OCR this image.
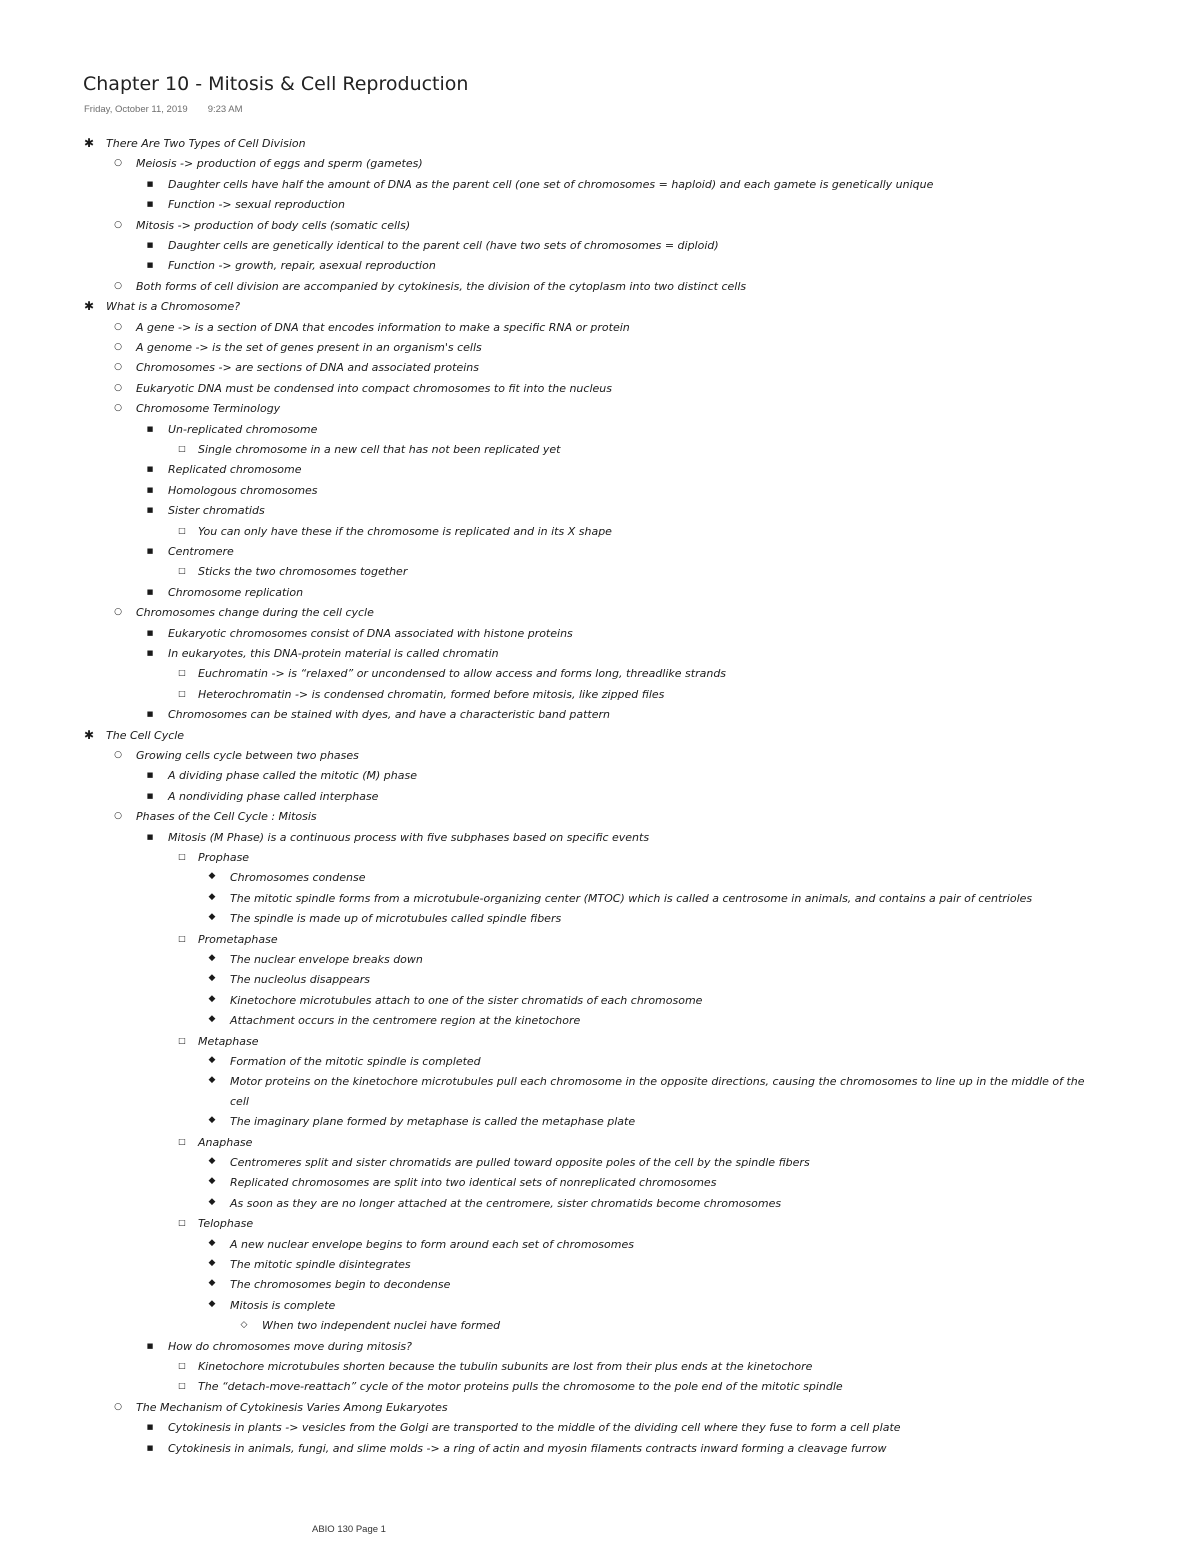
Chapter 10 - Mitosis & Cell Reproduction
Friday, October 11, 2019 9:23 AM
✱ There Are Two Types of Cell Division
○	Meiosis -> production of eggs and sperm (gametes)
■	Daughter cells have half the amount of DNA as the parent cell (one set of chromosomes = haploid) and each gamete is genetically unique
■	Function -> sexual reproduction
○	Mitosis -> production of body cells (somatic cells)
■	Daughter cells are genetically identical to the parent cell (have two sets of chromosomes = diploid)
■	Function -> growth, repair, asexual reproduction
○	Both forms of cell division are accompanied by cytokinesis, the division of the cytoplasm into two distinct cells
✱ What is a Chromosome?
○	A gene -> is a section of DNA that encodes information to make a specific RNA or protein
○	A genome -> is the set of genes present in an organism's cells
○	Chromosomes -> are sections of DNA and associated proteins
○	Eukaryotic DNA must be condensed into compact chromosomes to fit into the nucleus
○	Chromosome Terminology
■	Un-replicated chromosome
□	Single chromosome in a new cell that has not been replicated yet
■	Replicated chromosome
■	Homologous chromosomes
■	Sister chromatids
□	You can only have these if the chromosome is replicated and in its X shape
■	Centromere
□	Sticks the two chromosomes together
■	Chromosome replication
○	Chromosomes change during the cell cycle
■	Eukaryotic chromosomes consist of DNA associated with histone proteins
■	In eukaryotes, this DNA-protein material is called chromatin
□	Euchromatin -> is “relaxed” or uncondensed to allow access and forms long, threadlike strands
□	Heterochromatin -> is condensed chromatin, formed before mitosis, like zipped files
■	Chromosomes can be stained with dyes, and have a characteristic band pattern
✱ The Cell Cycle
○	Growing cells cycle between two phases
■	A dividing phase called the mitotic (M) phase
■	A nondividing phase called interphase
○	Phases of the Cell Cycle : Mitosis
■	Mitosis (M Phase) is a continuous process with five subphases based on specific events
□	Prophase
◆	Chromosomes condense
◆	The mitotic spindle forms from a microtubule-organizing center (MTOC) which is called a centrosome in animals, and contains a pair of centrioles
◆	The spindle is made up of microtubules called spindle fibers
□	Prometaphase
◆	The nuclear envelope breaks down
◆	The nucleolus disappears
◆	Kinetochore microtubules attach to one of the sister chromatids of each chromosome
◆	Attachment occurs in the centromere region at the kinetochore
□	Metaphase
◆	Formation of the mitotic spindle is completed
◆	Motor proteins on the kinetochore microtubules pull each chromosome in the opposite directions, causing the chromosomes to line up in the middle of the
cell
◆	The imaginary plane formed by metaphase is called the metaphase plate
□	Anaphase
◆	Centromeres split and sister chromatids are pulled toward opposite poles of the cell by the spindle fibers
◆	Replicated chromosomes are split into two identical sets of nonreplicated chromosomes
◆	As soon as they are no longer attached at the centromere, sister chromatids become chromosomes
□	Telophase
◆	A new nuclear envelope begins to form around each set of chromosomes
◆	The mitotic spindle disintegrates
◆	The chromosomes begin to decondense
◆	Mitosis is complete
◇	When two independent nuclei have formed
■	How do chromosomes move during mitosis?
□	Kinetochore microtubules shorten because the tubulin subunits are lost from their plus ends at the kinetochore
□	The “detach-move-reattach” cycle of the motor proteins pulls the chromosome to the pole end of the mitotic spindle
○	The Mechanism of Cytokinesis Varies Among Eukaryotes
■	Cytokinesis in plants -> vesicles from the Golgi are transported to the middle of the dividing cell where they fuse to form a cell plate
■	Cytokinesis in animals, fungi, and slime molds -> a ring of actin and myosin filaments contracts inward forming a cleavage furrow
ABIO 130 Page 1
